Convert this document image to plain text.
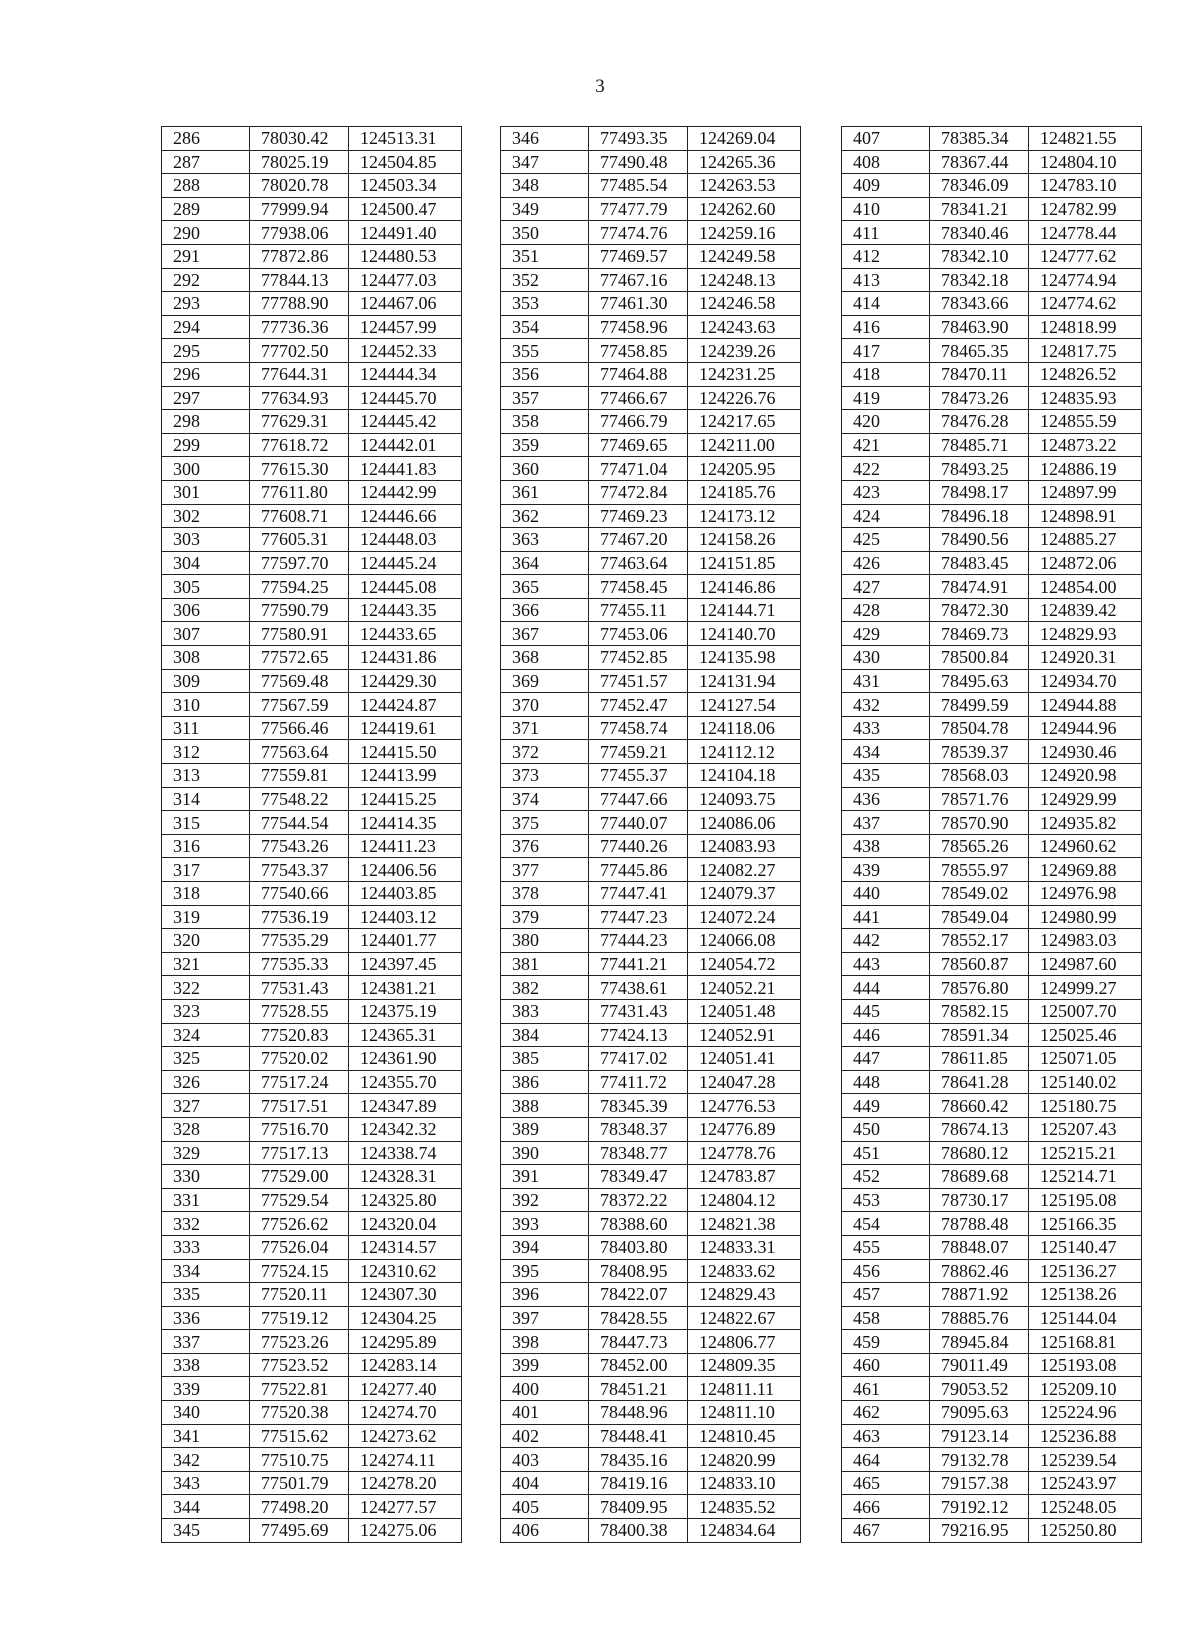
3
286	78030.42	124513.31
287	78025.19	124504.85
288	78020.78	124503.34
289	77999.94	124500.47
290	77938.06	124491.40
291	77872.86	124480.53
292	77844.13	124477.03
293	77788.90	124467.06
294	77736.36	124457.99
295	77702.50	124452.33
296	77644.31	124444.34
297	77634.93	124445.70
298	77629.31	124445.42
299	77618.72	124442.01
300	77615.30	124441.83
301	77611.80	124442.99
302	77608.71	124446.66
303	77605.31	124448.03
304	77597.70	124445.24
305	77594.25	124445.08
306	77590.79	124443.35
307	77580.91	124433.65
308	77572.65	124431.86
309	77569.48	124429.30
310	77567.59	124424.87
311	77566.46	124419.61
312	77563.64	124415.50
313	77559.81	124413.99
314	77548.22	124415.25
315	77544.54	124414.35
316	77543.26	124411.23
317	77543.37	124406.56
318	77540.66	124403.85
319	77536.19	124403.12
320	77535.29	124401.77
321	77535.33	124397.45
322	77531.43	124381.21
323	77528.55	124375.19
324	77520.83	124365.31
325	77520.02	124361.90
326	77517.24	124355.70
327	77517.51	124347.89
328	77516.70	124342.32
329	77517.13	124338.74
330	77529.00	124328.31
331	77529.54	124325.80
332	77526.62	124320.04
333	77526.04	124314.57
334	77524.15	124310.62
335	77520.11	124307.30
336	77519.12	124304.25
337	77523.26	124295.89
338	77523.52	124283.14
339	77522.81	124277.40
340	77520.38	124274.70
341	77515.62	124273.62
342	77510.75	124274.11
343	77501.79	124278.20
344	77498.20	124277.57
345	77495.69	124275.06
346	77493.35	124269.04
347	77490.48	124265.36
348	77485.54	124263.53
349	77477.79	124262.60
350	77474.76	124259.16
351	77469.57	124249.58
352	77467.16	124248.13
353	77461.30	124246.58
354	77458.96	124243.63
355	77458.85	124239.26
356	77464.88	124231.25
357	77466.67	124226.76
358	77466.79	124217.65
359	77469.65	124211.00
360	77471.04	124205.95
361	77472.84	124185.76
362	77469.23	124173.12
363	77467.20	124158.26
364	77463.64	124151.85
365	77458.45	124146.86
366	77455.11	124144.71
367	77453.06	124140.70
368	77452.85	124135.98
369	77451.57	124131.94
370	77452.47	124127.54
371	77458.74	124118.06
372	77459.21	124112.12
373	77455.37	124104.18
374	77447.66	124093.75
375	77440.07	124086.06
376	77440.26	124083.93
377	77445.86	124082.27
378	77447.41	124079.37
379	77447.23	124072.24
380	77444.23	124066.08
381	77441.21	124054.72
382	77438.61	124052.21
383	77431.43	124051.48
384	77424.13	124052.91
385	77417.02	124051.41
386	77411.72	124047.28
388	78345.39	124776.53
389	78348.37	124776.89
390	78348.77	124778.76
391	78349.47	124783.87
392	78372.22	124804.12
393	78388.60	124821.38
394	78403.80	124833.31
395	78408.95	124833.62
396	78422.07	124829.43
397	78428.55	124822.67
398	78447.73	124806.77
399	78452.00	124809.35
400	78451.21	124811.11
401	78448.96	124811.10
402	78448.41	124810.45
403	78435.16	124820.99
404	78419.16	124833.10
405	78409.95	124835.52
406	78400.38	124834.64
407	78385.34	124821.55
408	78367.44	124804.10
409	78346.09	124783.10
410	78341.21	124782.99
411	78340.46	124778.44
412	78342.10	124777.62
413	78342.18	124774.94
414	78343.66	124774.62
416	78463.90	124818.99
417	78465.35	124817.75
418	78470.11	124826.52
419	78473.26	124835.93
420	78476.28	124855.59
421	78485.71	124873.22
422	78493.25	124886.19
423	78498.17	124897.99
424	78496.18	124898.91
425	78490.56	124885.27
426	78483.45	124872.06
427	78474.91	124854.00
428	78472.30	124839.42
429	78469.73	124829.93
430	78500.84	124920.31
431	78495.63	124934.70
432	78499.59	124944.88
433	78504.78	124944.96
434	78539.37	124930.46
435	78568.03	124920.98
436	78571.76	124929.99
437	78570.90	124935.82
438	78565.26	124960.62
439	78555.97	124969.88
440	78549.02	124976.98
441	78549.04	124980.99
442	78552.17	124983.03
443	78560.87	124987.60
444	78576.80	124999.27
445	78582.15	125007.70
446	78591.34	125025.46
447	78611.85	125071.05
448	78641.28	125140.02
449	78660.42	125180.75
450	78674.13	125207.43
451	78680.12	125215.21
452	78689.68	125214.71
453	78730.17	125195.08
454	78788.48	125166.35
455	78848.07	125140.47
456	78862.46	125136.27
457	78871.92	125138.26
458	78885.76	125144.04
459	78945.84	125168.81
460	79011.49	125193.08
461	79053.52	125209.10
462	79095.63	125224.96
463	79123.14	125236.88
464	79132.78	125239.54
465	79157.38	125243.97
466	79192.12	125248.05
467	79216.95	125250.80
